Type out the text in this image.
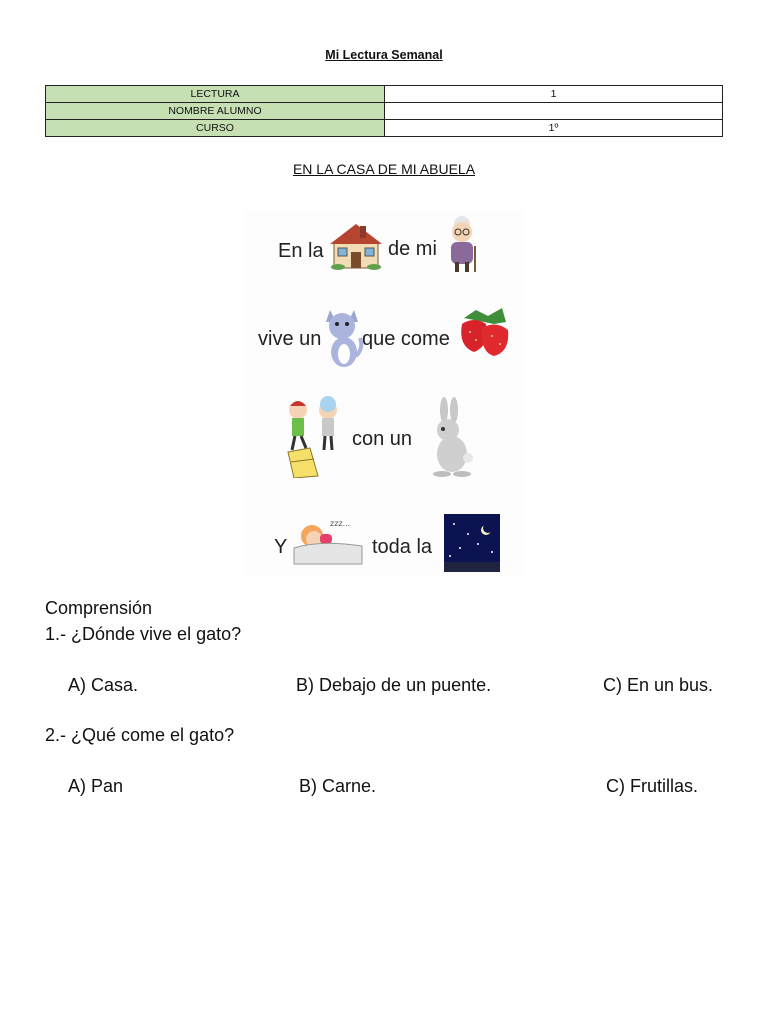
Mi Lectura Semanal
LECTURA	1
NOMBRE ALUMNO	
CURSO	1º
EN LA CASA DE MI ABUELA
En la	de mi
vive un que come
con un
Y
zzz...
toda la
Comprensión
1.- ¿Dónde vive el gato?
A) Casa.	B) Debajo de un puente.	C) En un bus.
2.- ¿Qué come el gato?
A) Pan	B) Carne.	C) Frutillas.
